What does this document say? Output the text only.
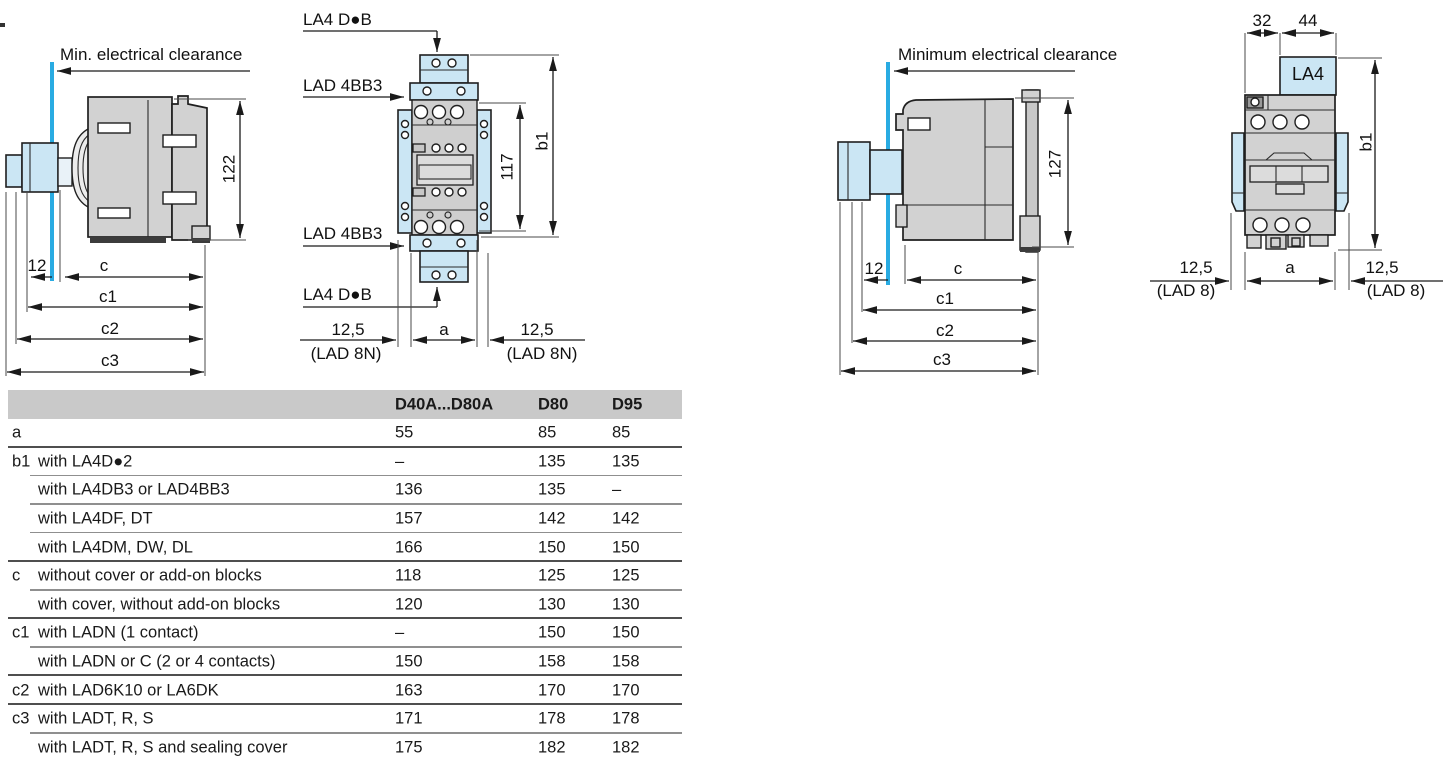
Min. electrical clearance
122
12	c
c1
c2
c3
LA4 D●B
LAD 4BB3
LAD 4BB3
LA4 D●B
117
b1
12,5
(LAD 8N)
a	12,5
(LAD 8N)
Minimum electrical clearance
127
12	c
c1
c2
c3
32 44
LA4
b1
12,5
(LAD 8)
a	12,5
(LAD 8)
D40A...D80A	D80	D95
a	55	85	85
b1 with LA4D●2	–	135	135
with LA4DB3 or LAD4BB3	136	135	–
with LA4DF, DT	157	142	142
with LA4DM, DW, DL	166	150	150
c without cover or add-on blocks	118	125	125
with cover, without add-on blocks	120	130	130
c1 with LADN (1 contact)	–	150	150
with LADN or C (2 or 4 contacts)	150	158	158
c2 with LAD6K10 or LA6DK	163	170	170
c3 with LADT, R, S	171	178	178
with LADT, R, S and sealing cover	175	182	182
